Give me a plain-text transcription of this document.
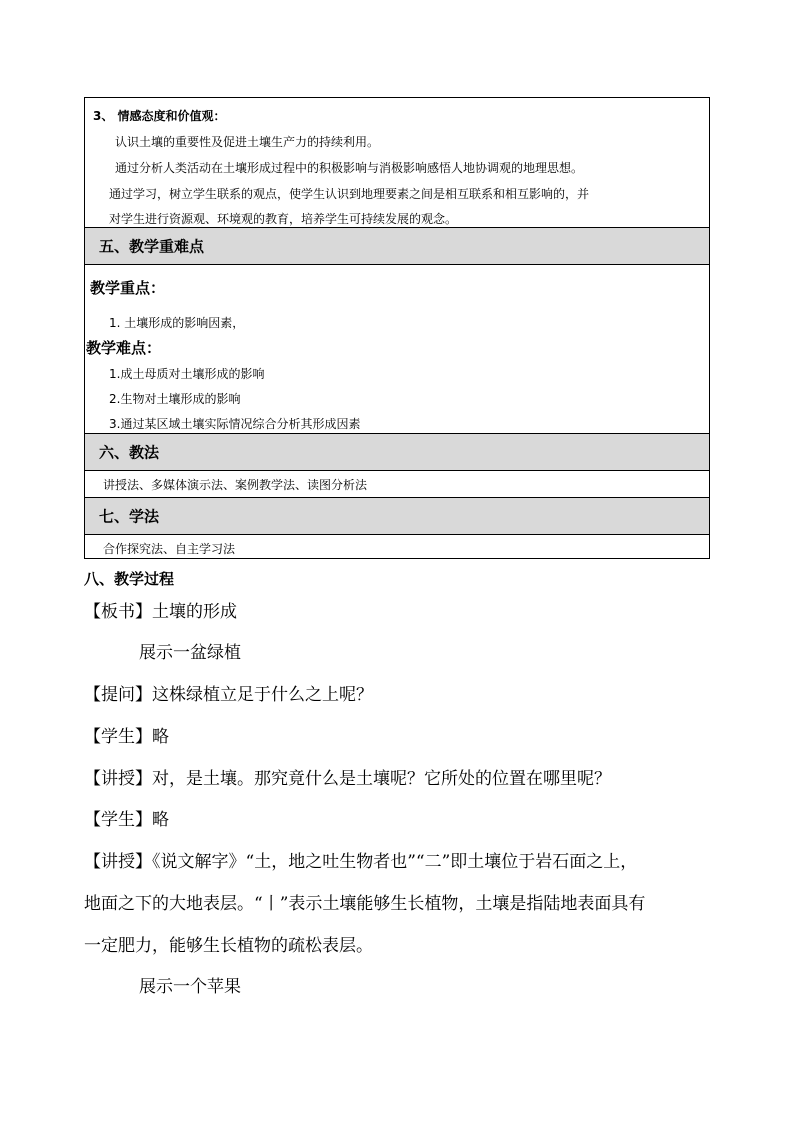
3、 情感态度和价值观：
认识土壤的重要性及促进土壤生产力的持续利用。
通过分析人类活动在土壤形成过程中的积极影响与消极影响感悟人地协调观的地理思想。
通过学习，树立学生联系的观点，使学生认识到地理要素之间是相互联系和相互影响的，并
对学生进行资源观、环境观的教育，培养学生可持续发展的观念。
五、教学重难点
教学重点：
1. 土壤形成的影响因素，
教学难点：
1.成土母质对土壤形成的影响
2.生物对土壤形成的影响
3.通过某区域土壤实际情况综合分析其形成因素
六、教法
讲授法、多媒体演示法、案例教学法、读图分析法
七、学法
合作探究法、自主学习法
八、教学过程
【板书】土壤的形成
展示一盆绿植
【提问】这株绿植立足于什么之上呢？
【学生】略
【讲授】对，是土壤。那究竟什么是土壤呢？它所处的位置在哪里呢？
【学生】略
【讲授】《说文解字》“土，地之吐生物者也”“二”即土壤位于岩石面之上，
地面之下的大地表层。“丨”表示土壤能够生长植物，土壤是指陆地表面具有
一定肥力，能够生长植物的疏松表层。
展示一个苹果
